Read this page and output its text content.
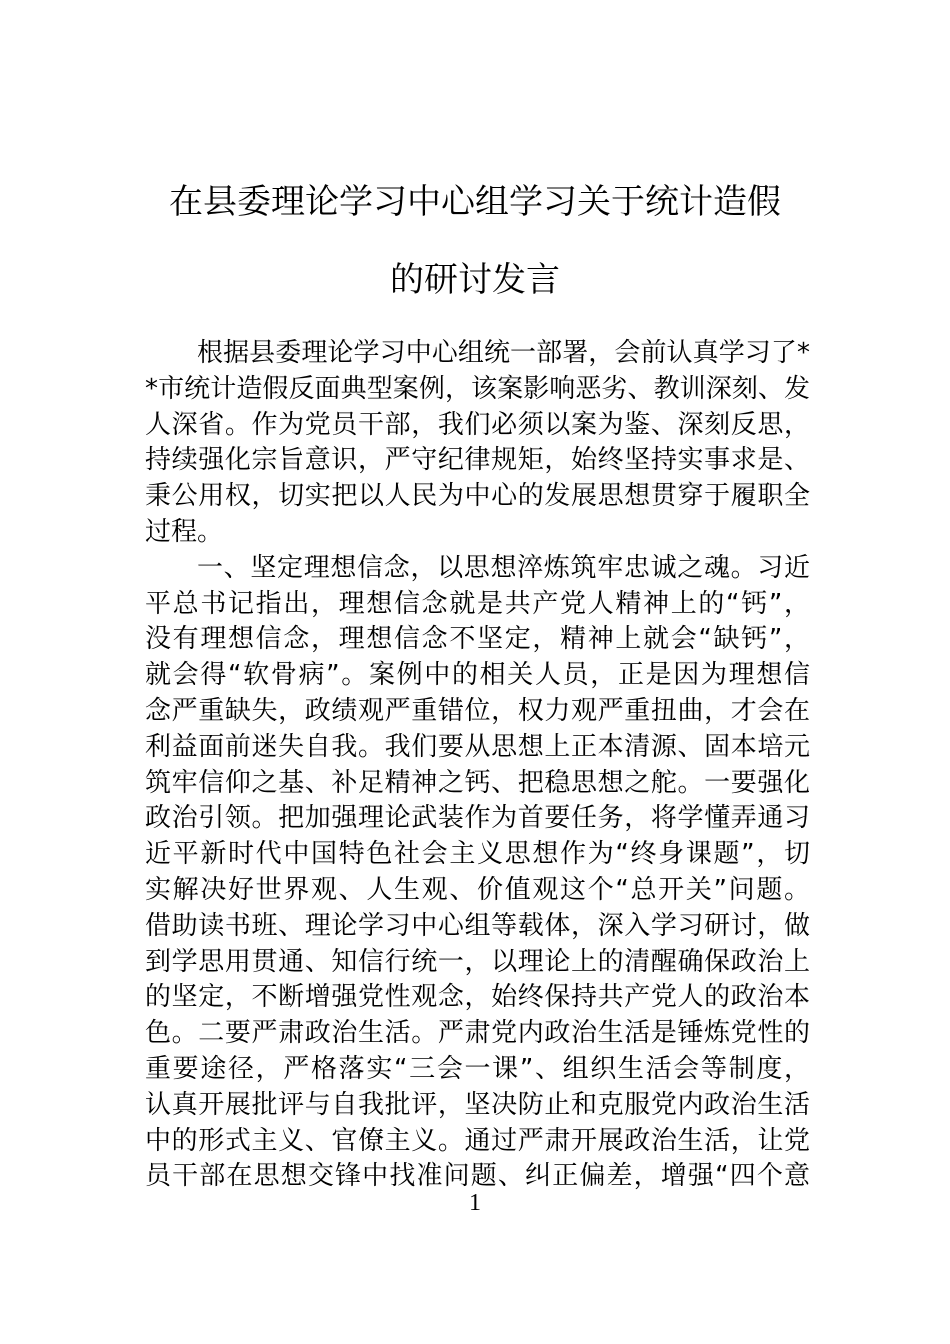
在县委理论学习中心组学习关于统计造假
的研讨发言
根据县委理论学习中心组统一部署，会前认真学习了*
*市统计造假反面典型案例，该案影响恶劣、教训深刻、发
人深省。作为党员干部，我们必须以案为鉴、深刻反思，
持续强化宗旨意识，严守纪律规矩，始终坚持实事求是、
秉公用权，切实把以人民为中心的发展思想贯穿于履职全
过程。
一、坚定理想信念，以思想淬炼筑牢忠诚之魂。习近
平总书记指出，理想信念就是共产党人精神上的“钙”，
没有理想信念，理想信念不坚定，精神上就会“缺钙”，
就会得“软骨病”。案例中的相关人员，正是因为理想信
念严重缺失，政绩观严重错位，权力观严重扭曲，才会在
利益面前迷失自我。我们要从思想上正本清源、固本培元
筑牢信仰之基、补足精神之钙、把稳思想之舵。一要强化
政治引领。把加强理论武装作为首要任务，将学懂弄通习
近平新时代中国特色社会主义思想作为“终身课题”，切
实解决好世界观、人生观、价值观这个“总开关”问题。
借助读书班、理论学习中心组等载体，深入学习研讨，做
到学思用贯通、知信行统一，以理论上的清醒确保政治上
的坚定，不断增强党性观念，始终保持共产党人的政治本
色。二要严肃政治生活。严肃党内政治生活是锤炼党性的
重要途径，严格落实“三会一课”、组织生活会等制度，
认真开展批评与自我批评，坚决防止和克服党内政治生活
中的形式主义、官僚主义。通过严肃开展政治生活，让党
员干部在思想交锋中找准问题、纠正偏差，增强“四个意
1
